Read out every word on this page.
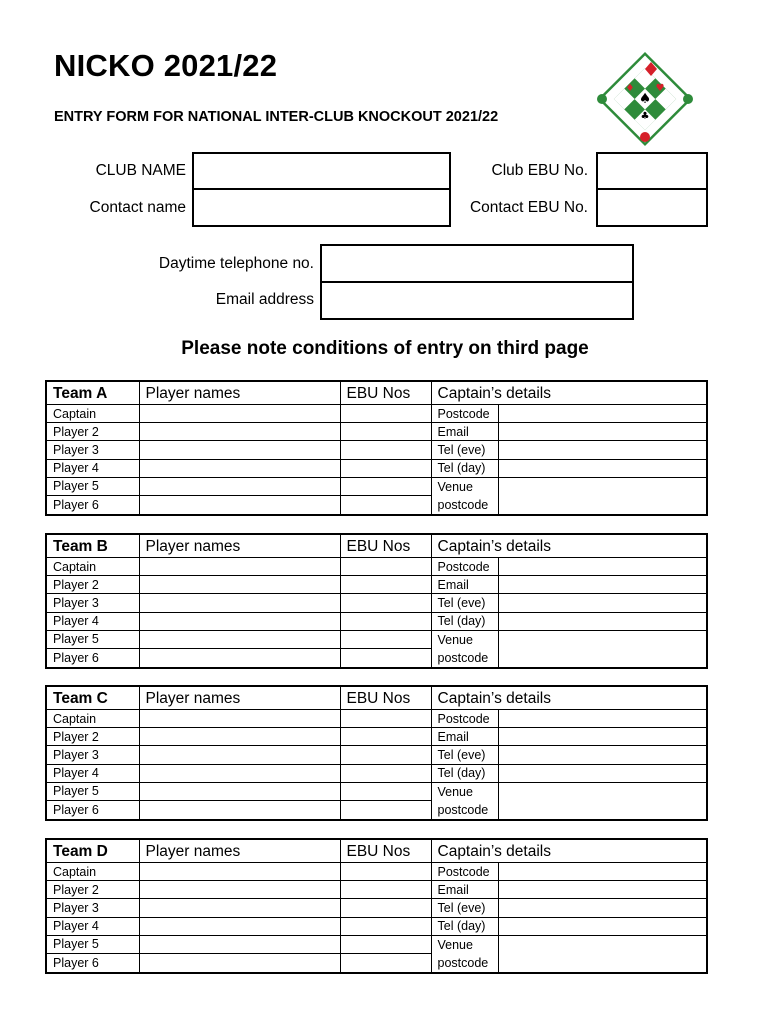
NICKO 2021/22
ENTRY FORM FOR NATIONAL INTER-CLUB KNOCKOUT 2021/22
♠
♦ ♥
♣
CLUB NAME
Contact name
Club EBU No.
Contact EBU No.
Daytime telephone no.
Email address
Please note conditions of entry on third page
Team A	Player names	EBU Nos	Captain’s details	
Captain			Postcode	
Player 2			Email	
Player 3			Tel (eve)	
Player 4			Tel (day)	
Player 5			Venue postcode	
Player 6				
Team B	Player names	EBU Nos	Captain’s details	
Captain			Postcode	
Player 2			Email	
Player 3			Tel (eve)	
Player 4			Tel (day)	
Player 5			Venue postcode	
Player 6				
Team C	Player names	EBU Nos	Captain’s details	
Captain			Postcode	
Player 2			Email	
Player 3			Tel (eve)	
Player 4			Tel (day)	
Player 5			Venue postcode	
Player 6				
Team D	Player names	EBU Nos	Captain’s details	
Captain			Postcode	
Player 2			Email	
Player 3			Tel (eve)	
Player 4			Tel (day)	
Player 5			Venue postcode	
Player 6				
